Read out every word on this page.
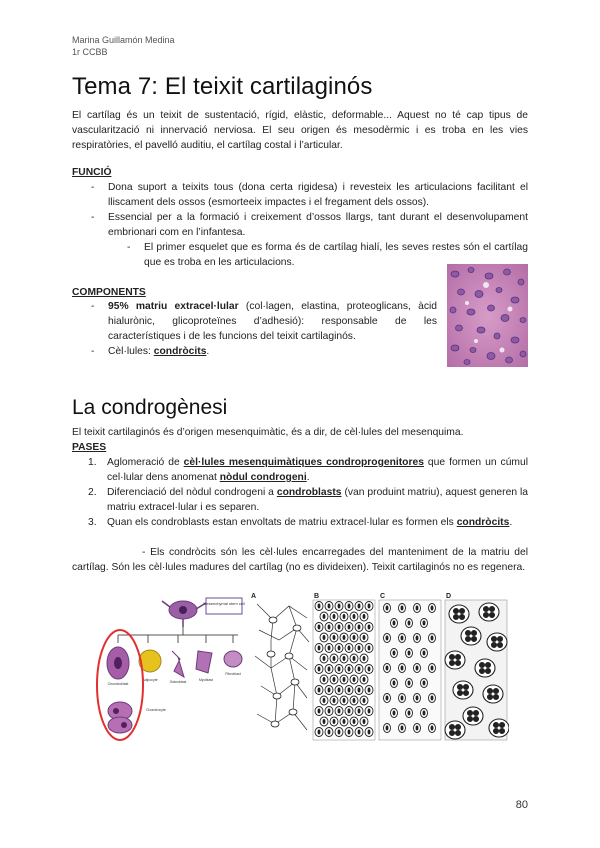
Marina Guillamón Medina
1r CCBB
Tema 7: El teixit cartilaginós

El cartílag és un teixit de sustentació, rígid, elàstic, deformable... Aquest no té cap tipus de vascularització ni innervació nerviosa. El seu origen és mesodèrmic i es troba en les vies respiratòries, el pavelló auditiu, el cartílag costal i l’articular.

FUNCIÓ
- Dona suport a teixits tous (dona certa rigidesa) i revesteix les articulacions facilitant el lliscament dels ossos (esmorteeix impactes i el fregament dels ossos).
- Essencial per a la formació i creixement d’ossos llargs, tant durant el desenvolupament embrionari com en l’infantesa.
- El primer esquelet que es forma és de cartílag hialí, les seves restes són el cartílag que es troba en les articulacions.
COMPONENTS
- 95% matriu extracel·lular (col·lagen, elastina, proteoglicans, àcid hialurònic, glicoproteïnes d’adhesió): responsable de les característiques i de les funcions del teixit cartilaginós.
- Cèl·lules: condròcits.
La condrogènesi

El teixit cartilaginós és d’origen mesenquimàtic, és a dir, de cèl·lules del mesenquima.

PASES
1. Aglomeració de cèl·lules mesenquimàtiques condroprogenitores que formen un cúmul cel·lular dens anomenat nòdul condrogeni.
2. Diferenciació del nòdul condrogeni a condroblasts (van produint matriu), aquest generen la matriu extracel·lular i es separen.
3. Quan els condroblasts estan envoltats de matriu extracel·lular es formen els condròcits.

- Els condròcits són les cèl·lules encarregades del manteniment de la matriu del cartílag. Són les cèl·lules madures del cartílag (no es divideixen). Teixit cartilaginós no es regenera.

Mesenchymal stem cell
Chondroblast
Adipocyte	Osteoblast	Myoblast
Fibroblast
Chondrocyte
A	B	C	D
80
